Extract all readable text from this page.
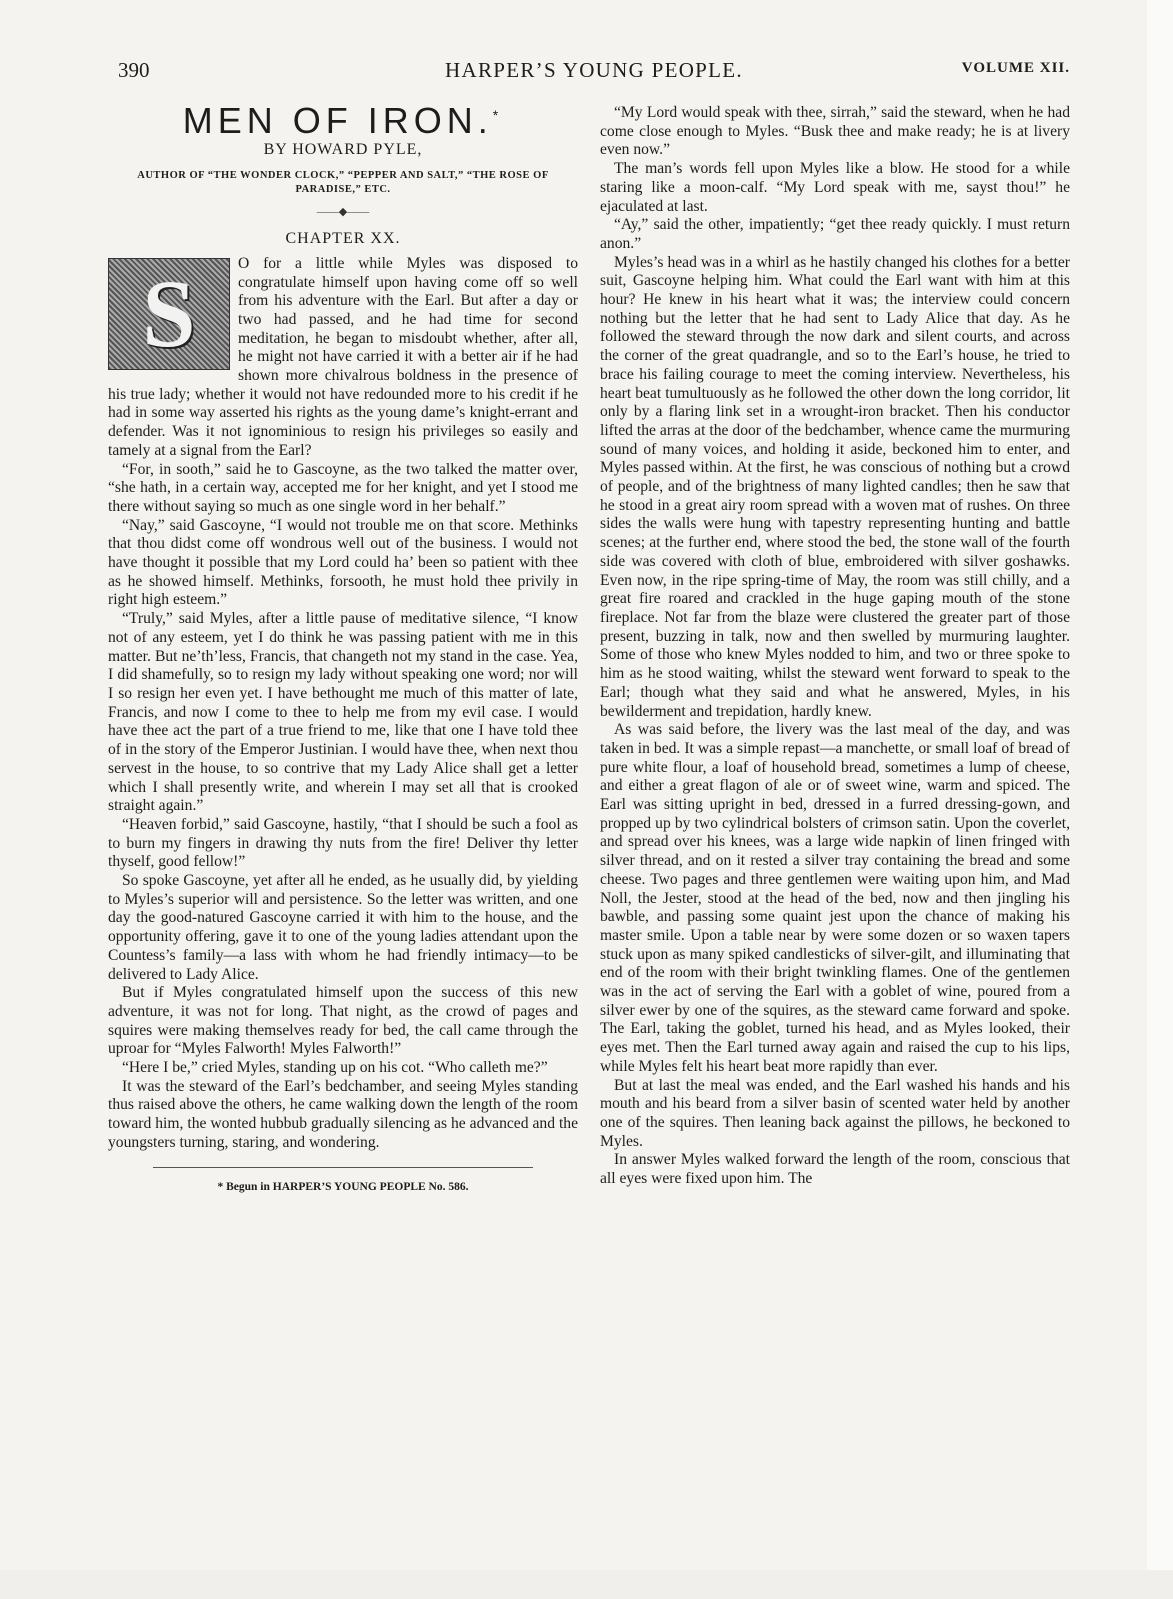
390	HARPER’S YOUNG PEOPLE.	VOLUME XII.
MEN OF IRON.*
BY HOWARD PYLE,
AUTHOR OF “THE WONDER CLOCK,” “PEPPER AND SALT,” “THE ROSE OF PARADISE,” ETC.
——◆——
CHAPTER XX.
S	O for a little while Myles was disposed to congratulate himself upon having come off so well from his adventure with the Earl. But after a day or two had passed, and he had time for second meditation, he began to misdoubt whether, after all, he might not have carried it with a better air if he had shown more chivalrous boldness in the presence of his true lady; whether it would not have redounded more to his credit if he had in some way asserted his rights as the young dame’s knight-errant and defender. Was it not ignominious to resign his privileges so easily and tamely at a signal from the Earl?

“For, in sooth,” said he to Gascoyne, as the two talked the matter over, “she hath, in a certain way, accepted me for her knight, and yet I stood me there without saying so much as one single word in her behalf.”

“Nay,” said Gascoyne, “I would not trouble me on that score. Methinks that thou didst come off wondrous well out of the business. I would not have thought it possible that my Lord could ha’ been so patient with thee as he showed himself. Methinks, forsooth, he must hold thee privily in right high esteem.”

“Truly,” said Myles, after a little pause of meditative silence, “I know not of any esteem, yet I do think he was passing patient with me in this matter. But ne’th’less, Francis, that changeth not my stand in the case. Yea, I did shamefully, so to resign my lady without speaking one word; nor will I so resign her even yet. I have bethought me much of this matter of late, Francis, and now I come to thee to help me from my evil case. I would have thee act the part of a true friend to me, like that one I have told thee of in the story of the Emperor Justinian. I would have thee, when next thou servest in the house, to so contrive that my Lady Alice shall get a letter which I shall presently write, and wherein I may set all that is crooked straight again.”

“Heaven forbid,” said Gascoyne, hastily, “that I should be such a fool as to burn my fingers in drawing thy nuts from the fire! Deliver thy letter thyself, good fellow!”

So spoke Gascoyne, yet after all he ended, as he usually did, by yielding to Myles’s superior will and persistence. So the letter was written, and one day the good-natured Gascoyne carried it with him to the house, and the opportunity offering, gave it to one of the young ladies attendant upon the Countess’s family—a lass with whom he had friendly intimacy—to be delivered to Lady Alice.

But if Myles congratulated himself upon the success of this new adventure, it was not for long. That night, as the crowd of pages and squires were making themselves ready for bed, the call came through the uproar for “Myles Falworth! Myles Falworth!”

“Here I be,” cried Myles, standing up on his cot. “Who calleth me?”

It was the steward of the Earl’s bedchamber, and seeing Myles standing thus raised above the others, he came walking down the length of the room toward him, the wonted hubbub gradually silencing as he advanced and the youngsters turning, staring, and wondering.

* Begun in HARPER’S YOUNG PEOPLE No. 586.

“My Lord would speak with thee, sirrah,” said the steward, when he had come close enough to Myles. “Busk thee and make ready; he is at livery even now.”

The man’s words fell upon Myles like a blow. He stood for a while staring like a moon-calf. “My Lord speak with me, sayst thou!” he ejaculated at last.

“Ay,” said the other, impatiently; “get thee ready quickly. I must return anon.”

Myles’s head was in a whirl as he hastily changed his clothes for a better suit, Gascoyne helping him. What could the Earl want with him at this hour? He knew in his heart what it was; the interview could concern nothing but the letter that he had sent to Lady Alice that day. As he followed the steward through the now dark and silent courts, and across the corner of the great quadrangle, and so to the Earl’s house, he tried to brace his failing courage to meet the coming interview. Nevertheless, his heart beat tumultuously as he followed the other down the long corridor, lit only by a flaring link set in a wrought-iron bracket. Then his conductor lifted the arras at the door of the bedchamber, whence came the murmuring sound of many voices, and holding it aside, beckoned him to enter, and Myles passed within. At the first, he was conscious of nothing but a crowd of people, and of the brightness of many lighted candles; then he saw that he stood in a great airy room spread with a woven mat of rushes. On three sides the walls were hung with tapestry representing hunting and battle scenes; at the further end, where stood the bed, the stone wall of the fourth side was covered with cloth of blue, embroidered with silver goshawks. Even now, in the ripe spring-time of May, the room was still chilly, and a great fire roared and crackled in the huge gaping mouth of the stone fireplace. Not far from the blaze were clustered the greater part of those present, buzzing in talk, now and then swelled by murmuring laughter. Some of those who knew Myles nodded to him, and two or three spoke to him as he stood waiting, whilst the steward went forward to speak to the Earl; though what they said and what he answered, Myles, in his bewilderment and trepidation, hardly knew.

As was said before, the livery was the last meal of the day, and was taken in bed. It was a simple repast—a manchette, or small loaf of bread of pure white flour, a loaf of household bread, sometimes a lump of cheese, and either a great flagon of ale or of sweet wine, warm and spiced. The Earl was sitting upright in bed, dressed in a furred dressing-gown, and propped up by two cylindrical bolsters of crimson satin. Upon the coverlet, and spread over his knees, was a large wide napkin of linen fringed with silver thread, and on it rested a silver tray containing the bread and some cheese. Two pages and three gentlemen were waiting upon him, and Mad Noll, the Jester, stood at the head of the bed, now and then jingling his bawble, and passing some quaint jest upon the chance of making his master smile. Upon a table near by were some dozen or so waxen tapers stuck upon as many spiked candlesticks of silver-gilt, and illuminating that end of the room with their bright twinkling flames. One of the gentlemen was in the act of serving the Earl with a goblet of wine, poured from a silver ewer by one of the squires, as the steward came forward and spoke. The Earl, taking the goblet, turned his head, and as Myles looked, their eyes met. Then the Earl turned away again and raised the cup to his lips, while Myles felt his heart beat more rapidly than ever.

But at last the meal was ended, and the Earl washed his hands and his mouth and his beard from a silver basin of scented water held by another one of the squires. Then leaning back against the pillows, he beckoned to Myles.

In answer Myles walked forward the length of the room, conscious that all eyes were fixed upon him. The
